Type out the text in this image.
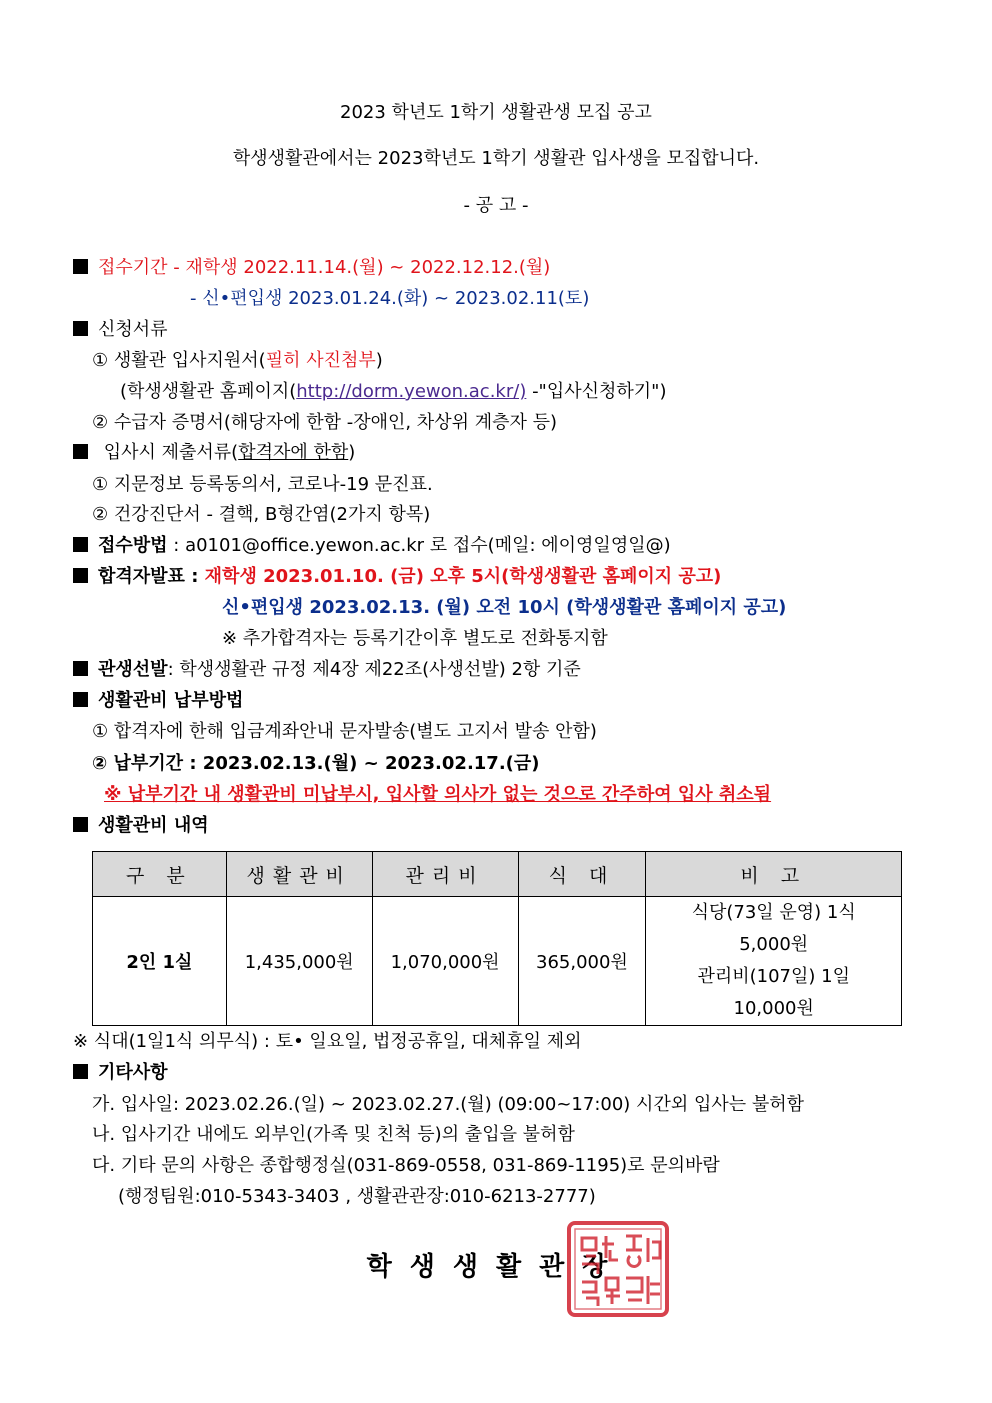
2023 학년도 1학기 생활관생 모집 공고
학생생활관에서는 2023학년도 1학기 생활관 입사생을 모집합니다.
- 공 고 -
접수기간 - 재학생 2022.11.14.(월) ~ 2022.12.12.(월)
- 신•편입생 2023.01.24.(화) ~ 2023.02.11(토)
신청서류
① 생활관 입사지원서(필히 사진첨부)
(학생생활관 홈페이지(http://dorm.yewon.ac.kr/) -"입사신청하기")
② 수급자 증명서(해당자에 한함 -장애인, 차상위 계층자 등)
입사시 제출서류(합격자에 한함)
① 지문정보 등록동의서, 코로나-19 문진표.
② 건강진단서 - 결핵, B형간염(2가지 항목)
접수방법 : a0101@office.yewon.ac.kr 로 접수(메일: 에이영일영일@)
합격자발표 : 재학생 2023.01.10. (금) 오후 5시(학생생활관 홈페이지 공고)
신•편입생 2023.02.13. (월) 오전 10시 (학생생활관 홈페이지 공고)
※ 추가합격자는 등록기간이후 별도로 전화통지함
관생선발: 학생생활관 규정 제4장 제22조(사생선발) 2항 기준
생활관비 납부방법
① 합격자에 한해 입금계좌안내 문자발송(별도 고지서 발송 안함)
② 납부기간 : 2023.02.13.(월) ~ 2023.02.17.(금)
※ 납부기간 내 생활관비 미납부시, 입사할 의사가 없는 것으로 간주하여 입사 취소됨
생활관비 내역
구 분	생활관비	관리비	식 대	비 고
2인 1실	1,435,000원	1,070,000원	365,000원	식당(73일 운영) 1식
5,000원
관리비(107일) 1일
10,000원
※ 식대(1일1식 의무식) : 토• 일요일, 법정공휴일, 대체휴일 제외
기타사항
가. 입사일: 2023.02.26.(일) ~ 2023.02.27.(월) (09:00~17:00) 시간외 입사는 불허함
나. 입사기간 내에도 외부인(가족 및 친척 등)의 출입을 불허함
다. 기타 문의 사항은 종합행정실(031-869-0558, 031-869-1195)로 문의바람
(행정팀원:010-5343-3403 , 생활관관장:010-6213-2777)
학생생활관장
